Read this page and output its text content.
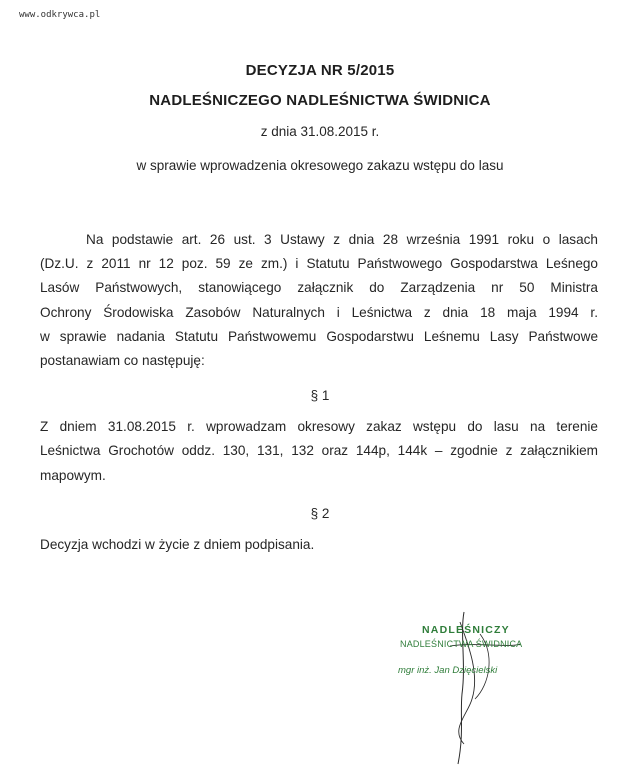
www.odkrywca.pl
DECYZJA NR 5/2015
NADLEŚNICZEGO NADLEŚNICTWA ŚWIDNICA
z dnia 31.08.2015 r.
w sprawie wprowadzenia okresowego zakazu wstępu do lasu
Na podstawie art. 26 ust. 3 Ustawy z dnia 28 września 1991 roku o lasach
(Dz.U. z 2011 nr 12 poz. 59 ze zm.) i Statutu Państwowego Gospodarstwa Leśnego
Lasów Państwowych, stanowiącego załącznik do Zarządzenia nr 50 Ministra
Ochrony Środowiska Zasobów Naturalnych i Leśnictwa z dnia 18 maja 1994 r.
w sprawie nadania Statutu Państwowemu Gospodarstwu Leśnemu Lasy Państwowe
postanawiam co następuję:
§ 1
Z dniem 31.08.2015 r. wprowadzam okresowy zakaz wstępu do lasu na terenie
Leśnictwa Grochotów oddz. 130, 131, 132 oraz 144p, 144k – zgodnie z załącznikiem
mapowym.
§ 2
Decyzja wchodzi w życie z dniem podpisania.
NADLEŚNICZY
NADLEŚNICTWA ŚWIDNICA
mgr inż. Jan Dzięcielski
